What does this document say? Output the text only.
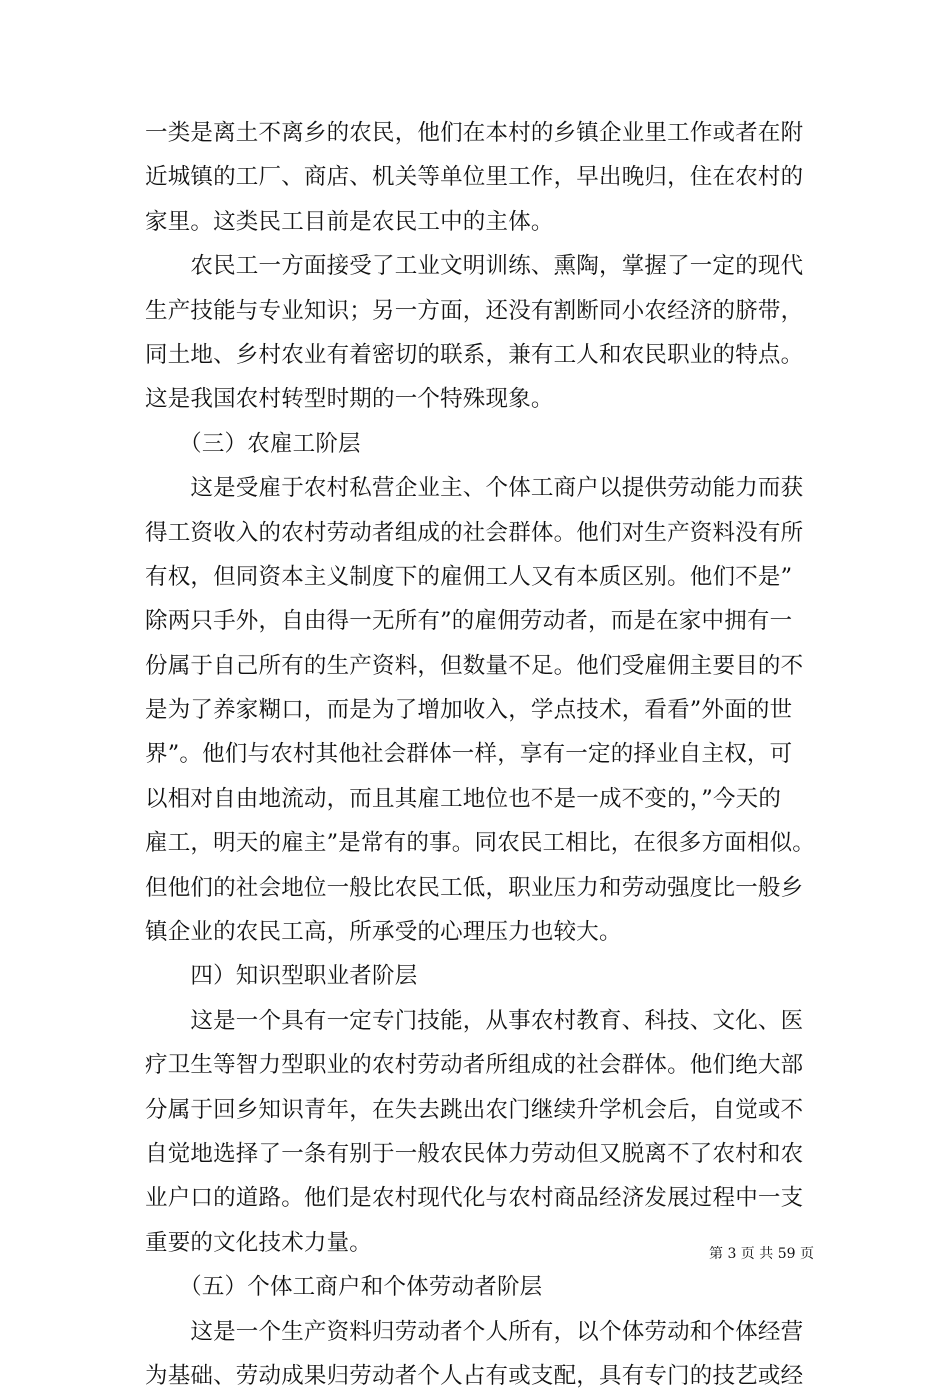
一类是离土不离乡的农民，他们在本村的乡镇企业里工作或者在附
近城镇的工厂、商店、机关等单位里工作，早出晚归，住在农村的
家里。这类民工目前是农民工中的主体。
　　农民工一方面接受了工业文明训练、熏陶，掌握了一定的现代
生产技能与专业知识；另一方面，还没有割断同小农经济的脐带，
同土地、乡村农业有着密切的联系，兼有工人和农民职业的特点。
这是我国农村转型时期的一个特殊现象。
　　（三）农雇工阶层
　　这是受雇于农村私营企业主、个体工商户以提供劳动能力而获
得工资收入的农村劳动者组成的社会群体。他们对生产资料没有所
有权，但同资本主义制度下的雇佣工人又有本质区别。他们不是”
除两只手外，自由得一无所有”的雇佣劳动者，而是在家中拥有一
份属于自己所有的生产资料，但数量不足。他们受雇佣主要目的不
是为了养家糊口，而是为了增加收入，学点技术，看看”外面的世
界”。他们与农村其他社会群体一样，享有一定的择业自主权，可
以相对自由地流动，而且其雇工地位也不是一成不变的，”今天的
雇工，明天的雇主”是常有的事。同农民工相比，在很多方面相似。
但他们的社会地位一般比农民工低，职业压力和劳动强度比一般乡
镇企业的农民工高，所承受的心理压力也较大。
　　四）知识型职业者阶层
　　这是一个具有一定专门技能，从事农村教育、科技、文化、医
疗卫生等智力型职业的农村劳动者所组成的社会群体。他们绝大部
分属于回乡知识青年，在失去跳出农门继续升学机会后，自觉或不
自觉地选择了一条有别于一般农民体力劳动但又脱离不了农村和农
业户口的道路。他们是农村现代化与农村商品经济发展过程中一支
重要的文化技术力量。
　　（五）个体工商户和个体劳动者阶层
　　这是一个生产资料归劳动者个人所有，以个体劳动和个体经营
为基础、劳动成果归劳动者个人占有或支配，具有专门的技艺或经
第 3 页 共 59 页
